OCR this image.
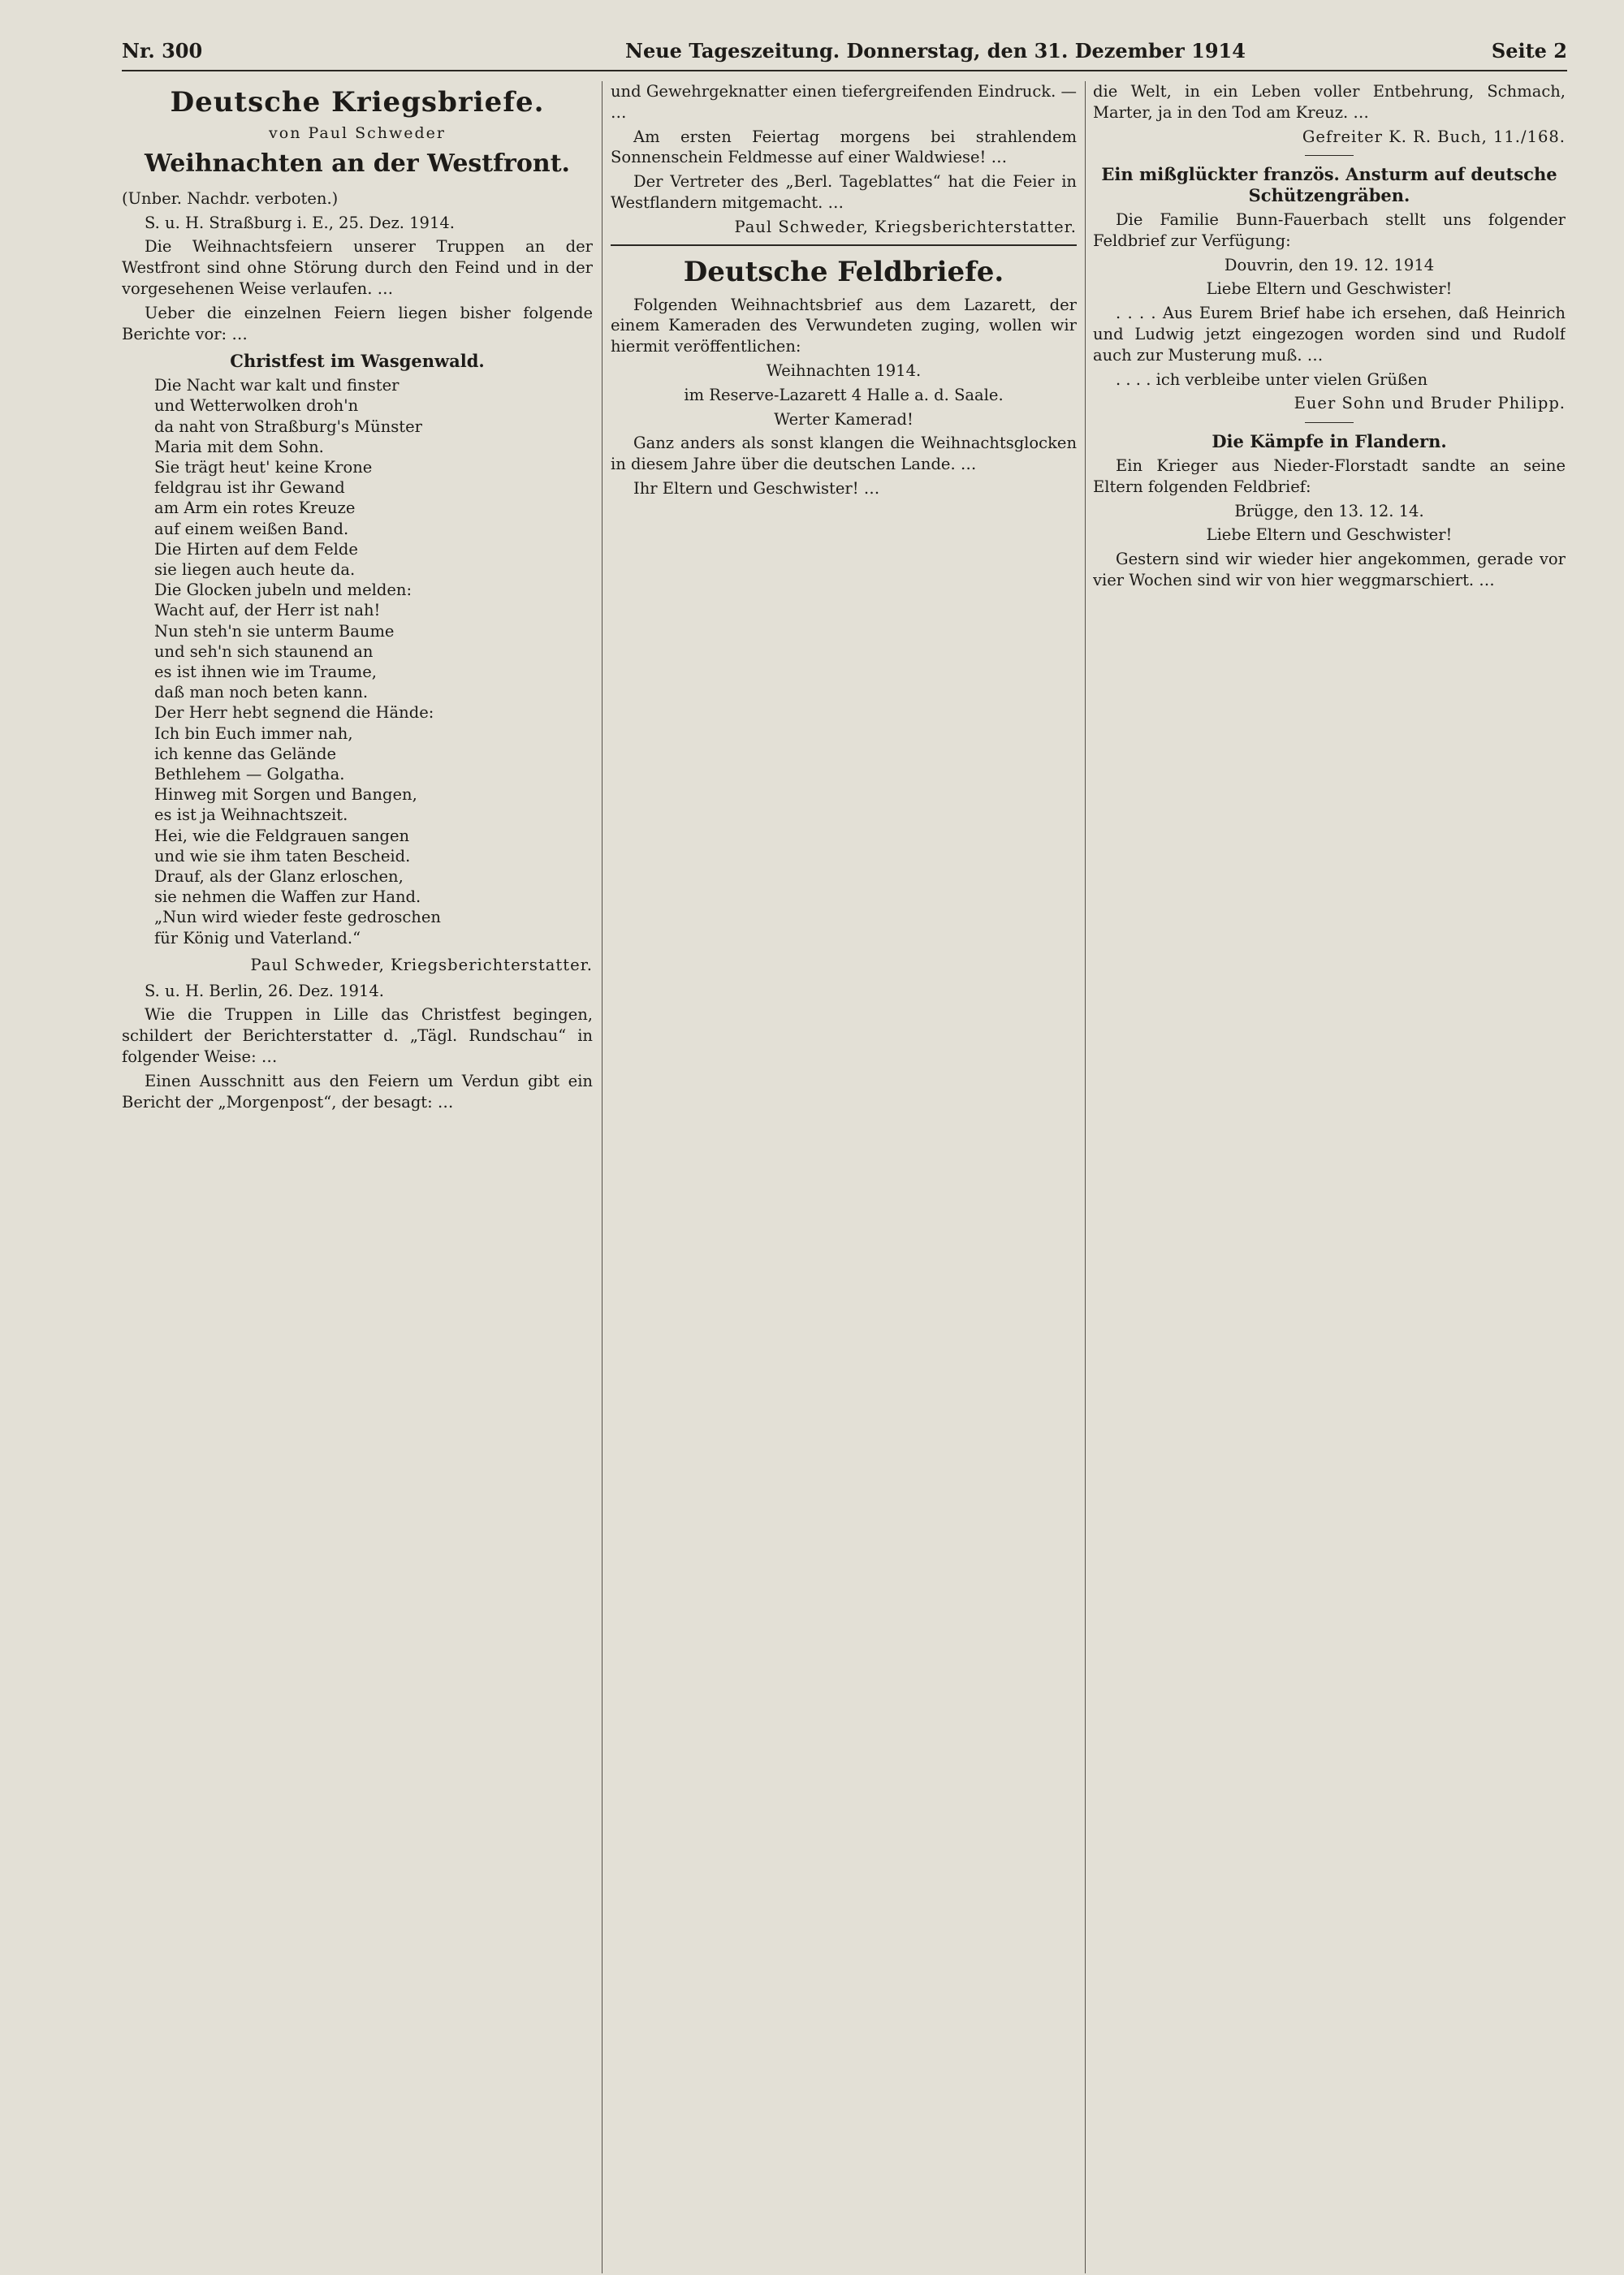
Nr. 300	Neue Tageszeitung. Donnerstag, den 31. Dezember 1914	Seite 2
Deutsche Kriegsbriefe.
von Paul Schweder
Weihnachten an der Westfront.

(Unber. Nachdr. verboten.)

S. u. H. Straßburg i. E., 25. Dez. 1914.

Die Weihnachtsfeiern unserer Truppen an der Westfront sind ohne Störung durch den Feind und in der vorgesehenen Weise verlaufen. …

Ueber die einzelnen Feiern liegen bisher folgende Berichte vor: …

Christfest im Wasgenwald.
Die Nacht war kalt und finster
und Wetterwolken droh'n
da naht von Straßburg's Münster
Maria mit dem Sohn.
Sie trägt heut' keine Krone
feldgrau ist ihr Gewand
am Arm ein rotes Kreuze
auf einem weißen Band.
Die Hirten auf dem Felde
sie liegen auch heute da.
Die Glocken jubeln und melden:
Wacht auf, der Herr ist nah!
Nun steh'n sie unterm Baume
und seh'n sich staunend an
es ist ihnen wie im Traume,
daß man noch beten kann.
Der Herr hebt segnend die Hände:
Ich bin Euch immer nah,
ich kenne das Gelände
Bethlehem — Golgatha.
Hinweg mit Sorgen und Bangen,
es ist ja Weihnachtszeit.
Hei, wie die Feldgrauen sangen
und wie sie ihm taten Bescheid.
Drauf, als der Glanz erloschen,
sie nehmen die Waffen zur Hand.
„Nun wird wieder feste gedroschen
für König und Vaterland.“
Paul Schweder, Kriegsberichterstatter.

S. u. H. Berlin, 26. Dez. 1914.

Wie die Truppen in Lille das Christfest begingen, schildert der Berichterstatter d. „Tägl. Rundschau“ in folgender Weise: …

Einen Ausschnitt aus den Feiern um Verdun gibt ein Bericht der „Morgenpost“, der besagt: …

und Gewehrgeknatter einen tiefergreifenden Eindruck. — …

Am ersten Feiertag morgens bei strahlendem Sonnenschein Feldmesse auf einer Waldwiese! …

Der Vertreter des „Berl. Tageblattes“ hat die Feier in Westflandern mitgemacht. …

Paul Schweder, Kriegsberichterstatter.
Deutsche Feldbriefe.

Folgenden Weihnachtsbrief aus dem Lazarett, der einem Kameraden des Verwundeten zuging, wollen wir hiermit veröffentlichen:

Weihnachten 1914.

im Reserve-Lazarett 4 Halle a. d. Saale.

Werter Kamerad!

Ganz anders als sonst klangen die Weihnachtsglocken in diesem Jahre über die deutschen Lande. …

Ihr Eltern und Geschwister! …

die Welt, in ein Leben voller Entbehrung, Schmach, Marter, ja in den Tod am Kreuz. …

Gefreiter K. R. Buch, 11./168.
Ein mißglückter französ. Ansturm auf deutsche Schützengräben.

Die Familie Bunn-Fauerbach stellt uns folgender Feldbrief zur Verfügung:

Douvrin, den 19. 12. 1914

Liebe Eltern und Geschwister!

. . . . Aus Eurem Brief habe ich ersehen, daß Heinrich und Ludwig jetzt eingezogen worden sind und Rudolf auch zur Musterung muß. …

. . . . ich verbleibe unter vielen Grüßen

Euer Sohn und Bruder Philipp.
Die Kämpfe in Flandern.

Ein Krieger aus Nieder-Florstadt sandte an seine Eltern folgenden Feldbrief:

Brügge, den 13. 12. 14.

Liebe Eltern und Geschwister!

Gestern sind wir wieder hier angekommen, gerade vor vier Wochen sind wir von hier weggmarschiert. …
